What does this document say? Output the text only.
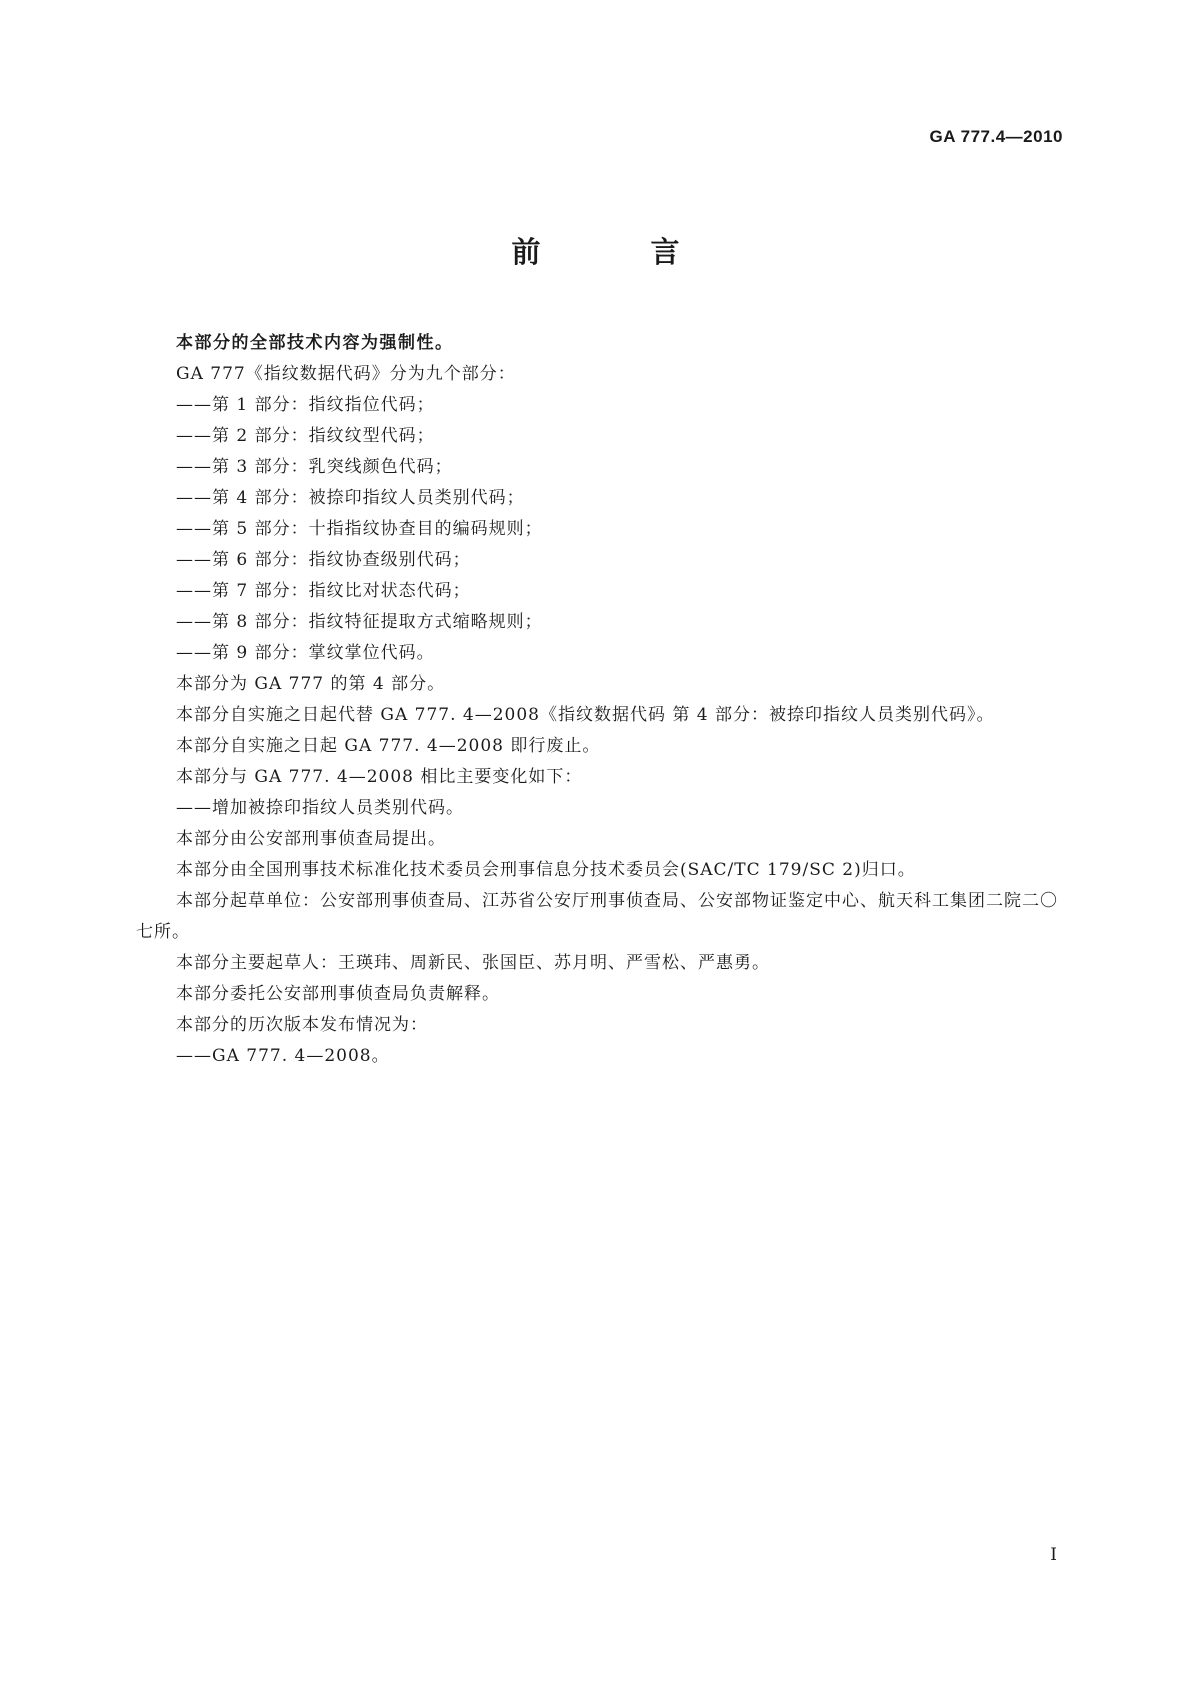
GA 777.4—2010
前 言

本部分的全部技术内容为强制性。

GA 777《指纹数据代码》分为九个部分：

——第 1 部分：指纹指位代码；

——第 2 部分：指纹纹型代码；

——第 3 部分：乳突线颜色代码；

——第 4 部分：被捺印指纹人员类别代码；

——第 5 部分：十指指纹协查目的编码规则；

——第 6 部分：指纹协查级别代码；

——第 7 部分：指纹比对状态代码；

——第 8 部分：指纹特征提取方式缩略规则；

——第 9 部分：掌纹掌位代码。

本部分为 GA 777 的第 4 部分。

本部分自实施之日起代替 GA 777. 4—2008《指纹数据代码 第 4 部分：被捺印指纹人员类别代码》。

本部分自实施之日起 GA 777. 4—2008 即行废止。

本部分与 GA 777. 4—2008 相比主要变化如下：

——增加被捺印指纹人员类别代码。

本部分由公安部刑事侦查局提出。

本部分由全国刑事技术标准化技术委员会刑事信息分技术委员会(SAC/TC 179/SC 2)归口。

本部分起草单位：公安部刑事侦查局、江苏省公安厅刑事侦查局、公安部物证鉴定中心、航天科工集团二院二〇七所。

本部分主要起草人：王瑛玮、周新民、张国臣、苏月明、严雪松、严惠勇。

本部分委托公安部刑事侦查局负责解释。

本部分的历次版本发布情况为：

——GA 777. 4—2008。

I
